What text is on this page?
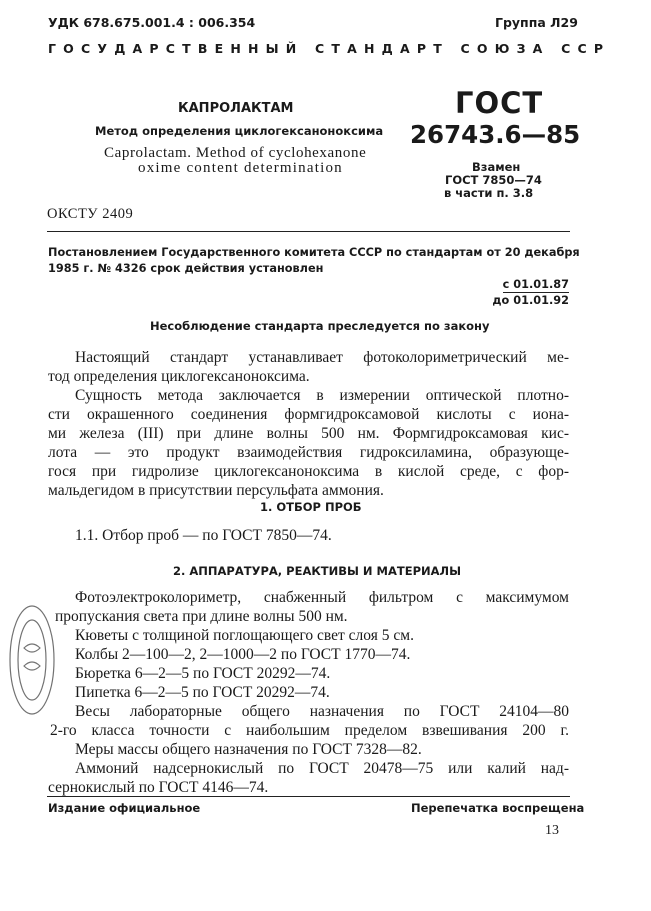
УДК 678.675.001.4 : 006.354	Группа Л29
ГОСУДАРСТВЕННЫЙ СТАНДАРТ СОЮЗА ССР
КАПРОЛАКТАМ
Метод определения циклогексаноноксима
Caprolactam. Method of cyclohexanone
oxime content determination
ГОСТ
26743.6—85
Взамен
ГОСТ 7850—74
в части п. 3.8
ОКСТУ 2409
Постановлением Государственного комитета СССР по стандартам от 20 декабря
1985 г. № 4326 срок действия установлен
с 01.01.87
до 01.01.92
Несоблюдение стандарта преследуется по закону
Настоящий стандарт устанавливает фотоколориметрический ме-
тод определения циклогексаноноксима.
Сущность метода заключается в измерении оптической плотно-
сти окрашенного соединения формгидроксамовой кислоты с иона-
ми железа (III) при длине волны 500 нм. Формгидроксамовая кис-
лота — это продукт взаимодействия гидроксиламина, образующе-
гося при гидролизе циклогексаноноксима в кислой среде, с фор-
мальдегидом в присутствии персульфата аммония.
1. ОТБОР ПРОБ
1.1. Отбор проб — по ГОСТ 7850—74.
2. АППАРАТУРА, РЕАКТИВЫ И МАТЕРИАЛЫ
Фотоэлектроколориметр, снабженный фильтром с максимумом
пропускания света при длине волны 500 нм.
Кюветы с толщиной поглощающего свет слоя 5 см.
Колбы 2—100—2, 2—1000—2 по ГОСТ 1770—74.
Бюретка 6—2—5 по ГОСТ 20292—74.
Пипетка 6—2—5 по ГОСТ 20292—74.
Весы лабораторные общего назначения по ГОСТ 24104—80
2-го класса точности с наибольшим пределом взвешивания 200 г.
Меры массы общего назначения по ГОСТ 7328—82.
Аммоний надсернокислый по ГОСТ 20478—75 или калий над-
сернокислый по ГОСТ 4146—74.
Издание официальное	Перепечатка воспрещена
13
